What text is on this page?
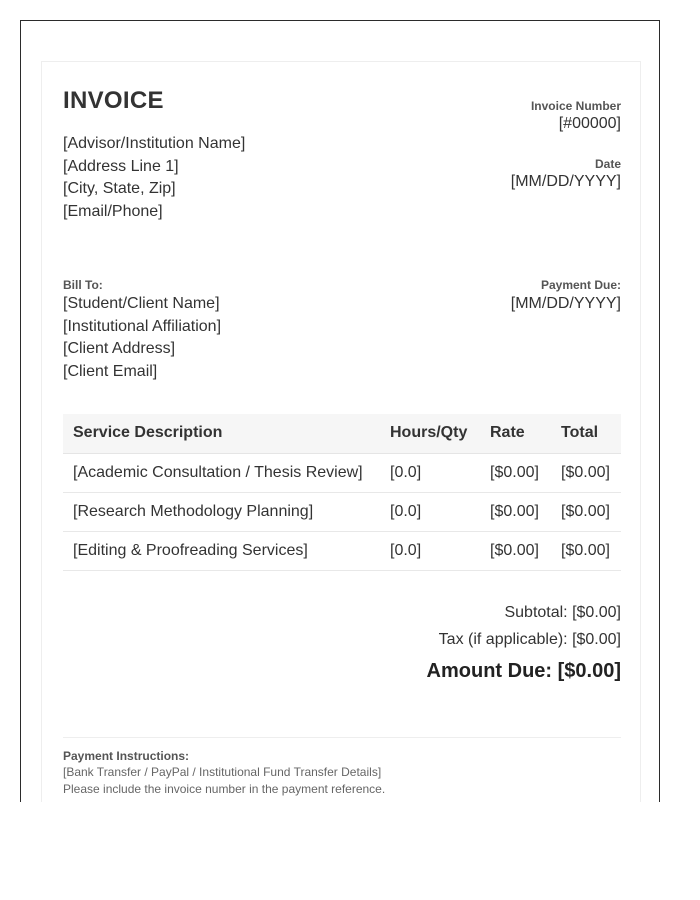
INVOICE
[Advisor/Institution Name]
[Address Line 1]
[City, State, Zip]
[Email/Phone]
Invoice Number
[#00000]
Date
[MM/DD/YYYY]
Bill To:
[Student/Client Name]
[Institutional Affiliation]
[Client Address]
[Client Email]
Payment Due:
[MM/DD/YYYY]
Service Description	Hours/Qty	Rate	Total
[Academic Consultation / Thesis Review]	[0.0]	[$0.00]	[$0.00]
[Research Methodology Planning]	[0.0]	[$0.00]	[$0.00]
[Editing & Proofreading Services]	[0.0]	[$0.00]	[$0.00]
Subtotal: [$0.00]
Tax (if applicable): [$0.00]
Amount Due: [$0.00]
Payment Instructions:
[Bank Transfer / PayPal / Institutional Fund Transfer Details]
Please include the invoice number in the payment reference.
